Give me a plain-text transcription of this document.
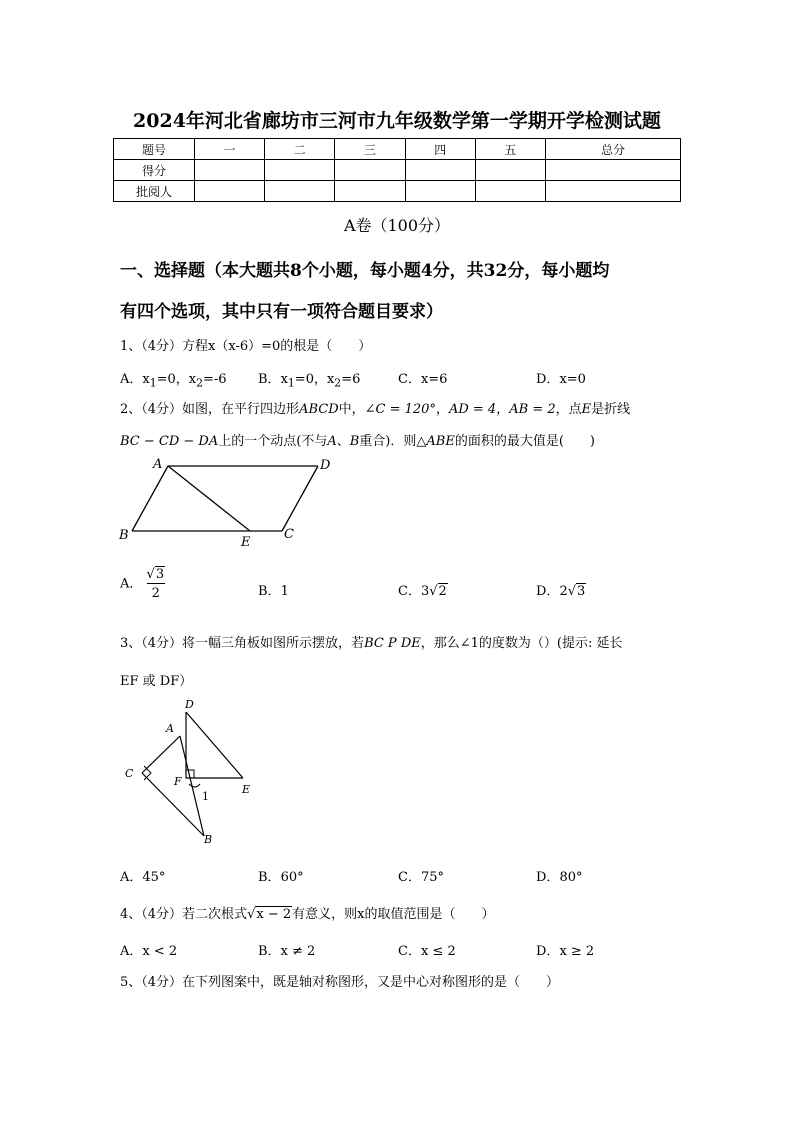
2024年河北省廊坊市三河市九年级数学第一学期开学检测试题
题号	一	二	三	四	五	总分
得分						
批阅人						
A卷（100分）
一、选择题（本大题共8个小题，每小题4分，共32分，每小题均
有四个选项，其中只有一项符合题目要求）
1、（4分）方程x（x-6）=0的根是（　　）
A．$x_1=0$，$x_2=-6$ B．$x_1=0$，$x_2=6$	C．x=6	D．x=0
2、（4分）如图，在平行四边形ABCD中，∠C = 120°，AD = 4，AB = 2，点E是折线
BC − CD − DA上的一个动点(不与A、B重合)．则△ABE的面积的最大值是(　　)
A	D
B	E
C
A． $\frac{√3}{2}$	B．1	C．3√2	D．2√3
3、（4分）将一幅三角板如图所示摆放，若BC P DE，那么∠1的度数为（）(提示: 延长
EF 或 DF）
D
A
C
F
E
1
B
A．45°	B．60°	C．75°	D．80°
4、（4分）若二次根式√x − 2有意义，则x的取值范围是（　　）
A．x < 2	B．x ≠ 2	C．x ≤ 2	D．x ≥ 2
5、（4分）在下列图案中，既是轴对称图形，又是中心对称图形的是（　　）
